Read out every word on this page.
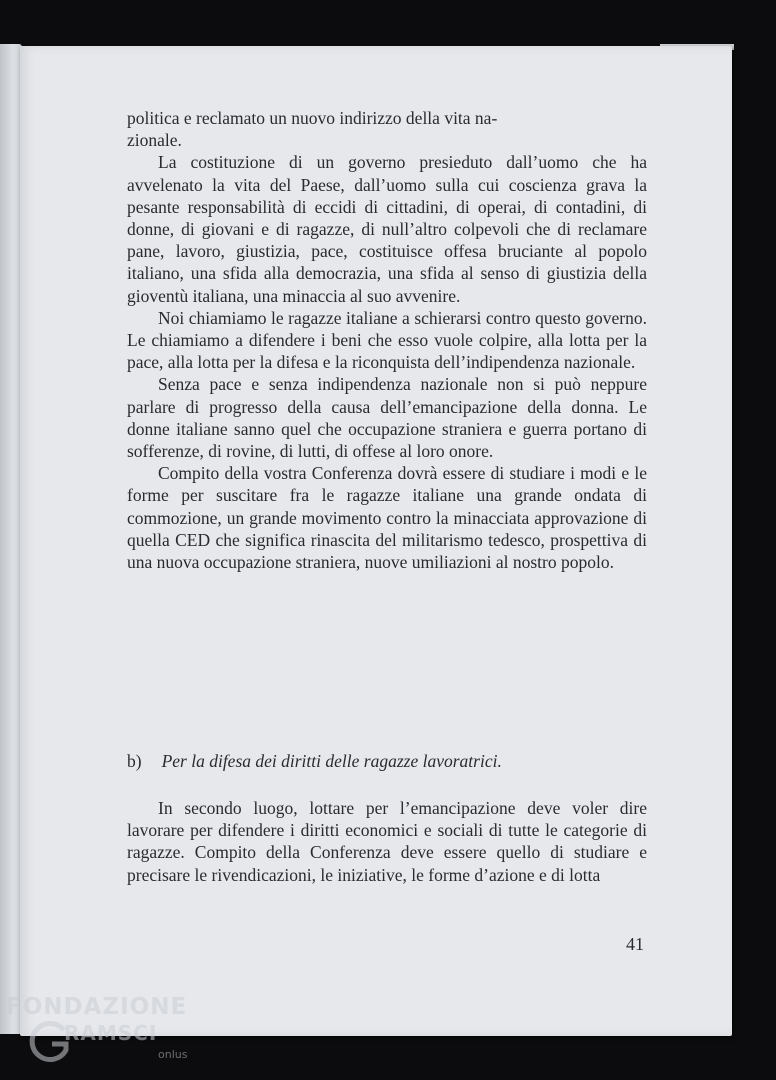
politica e reclamato un nuovo indirizzo della vita na-
zionale.

La costituzione di un governo presieduto dall’uomo che ha avvelenato la vita del Paese, dall’uomo sulla cui coscienza grava la pesante responsabilità di eccidi di cittadini, di operai, di contadini, di donne, di giovani e di ragazze, di null’altro colpevoli che di reclamare pane, lavoro, giustizia, pace, costituisce offesa bruciante al popolo italiano, una sfida alla democrazia, una sfida al senso di giustizia della gioventù italiana, una minaccia al suo avvenire.

Noi chiamiamo le ragazze italiane a schierarsi contro questo governo. Le chiamiamo a difendere i beni che esso vuole colpire, alla lotta per la pace, alla lotta per la difesa e la riconquista dell’indipendenza nazionale.

Senza pace e senza indipendenza nazionale non si può neppure parlare di progresso della causa dell’emancipazione della donna. Le donne italiane sanno quel che occupazione straniera e guerra portano di sofferenze, di rovine, di lutti, di offese al loro onore.

Compito della vostra Conferenza dovrà essere di studiare i modi e le forme per suscitare fra le ragazze italiane una grande ondata di commozione, un grande movimento contro la minacciata approvazione di quella CED che significa rinascita del militarismo tedesco, prospettiva di una nuova occupazione straniera, nuove umiliazioni al nostro popolo.

b) Per la difesa dei diritti delle ragazze lavoratrici.

In secondo luogo, lottare per l’emancipazione deve voler dire lavorare per difendere i diritti economici e sociali di tutte le categorie di ragazze. Compito della Conferenza deve essere quello di studiare e precisare le rivendicazioni, le iniziative, le forme d’azione e di lotta

41
FONDAZIONE
RAMSCI
onlus
